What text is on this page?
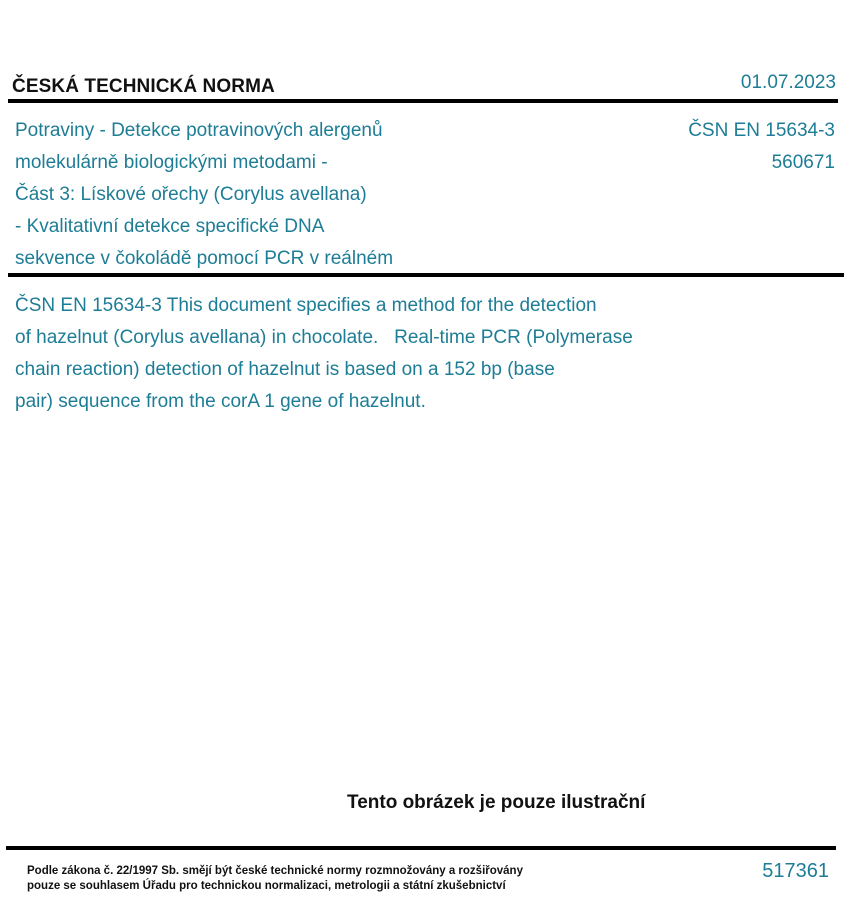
ČESKÁ TECHNICKÁ NORMA	01.07.2023
Potraviny - Detekce potravinových alergenů
molekulárně biologickými metodami -
Část 3: Lískové ořechy (Corylus avellana)
- Kvalitativní detekce specifické DNA
sekvence v čokoládě pomocí PCR v reálném
ČSN EN 15634-3
560671
ČSN EN 15634-3 This document specifies a method for the detection
of hazelnut (Corylus avellana) in chocolate.   Real-time PCR (Polymerase
chain reaction) detection of hazelnut is based on a 152 bp (base
pair) sequence from the corA 1 gene of hazelnut.
Tento obrázek je pouze ilustrační
Podle zákona č. 22/1997 Sb. smějí být české technické normy rozmnožovány a rozšiřovány
pouze se souhlasem Úřadu pro technickou normalizaci, metrologii a státní zkušebnictví
517361
